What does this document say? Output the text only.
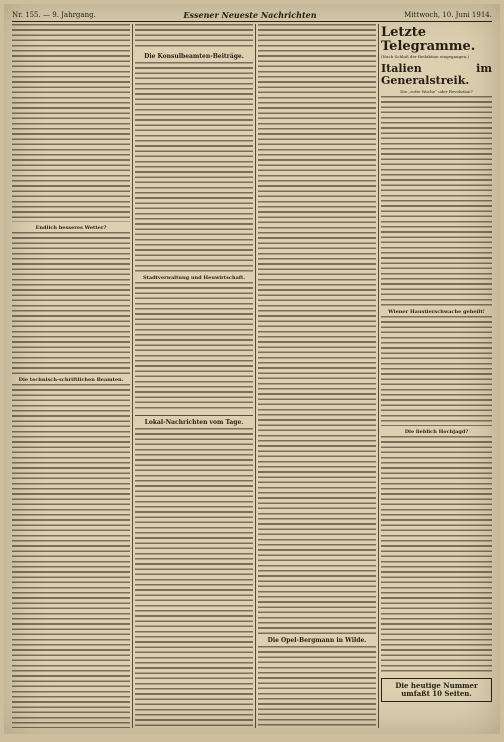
Nr. 155. — 9. Jahrgang.	Essener Neueste Nachrichten	Mittwoch, 10. Juni 1914.
Endlich besseres Wetter?
Die technisch-schriftlichen Beamten.
Die Konsulbeamten-Beiträge.
Stadtverwaltung und Heuwirtschaft.
Lokal-Nachrichten vom Tage.
Die Opel-Bergmann in Wilde.
Letzte Telegramme.
(Nach Schluß der Redaktion eingegangen.)
Italien im Generalstreik.
Die „rotte Woche“ oder Revolution?
Wiener Haustierschwache geheilt!
Die lieblich Hochjagd?
Die heutige Nummer umfaßt 10 Seiten.
